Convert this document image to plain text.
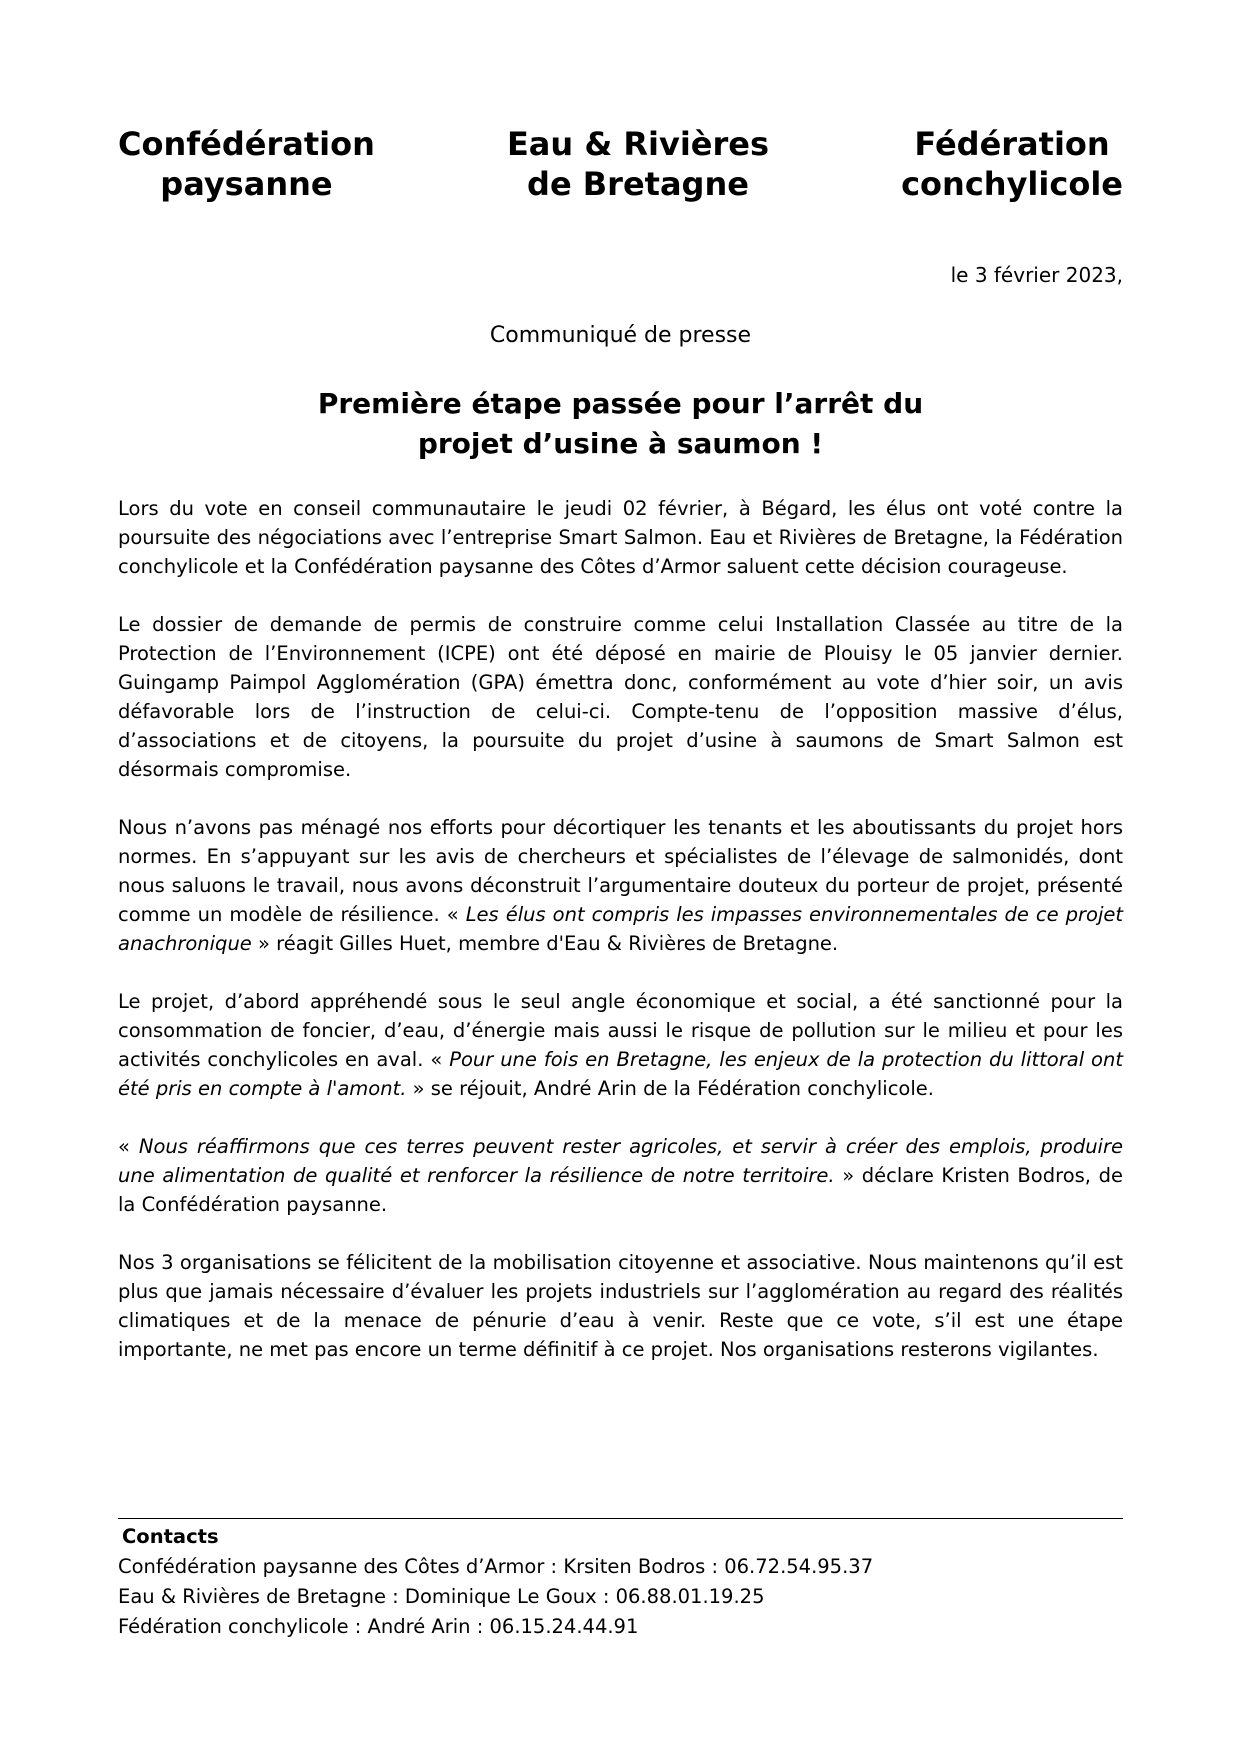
Confédération
paysanne
Eau & Rivières
de Bretagne
Fédération
conchylicole
le 3 février 2023,
Communiqué de presse
Première étape passée pour l’arrêt du
projet d’usine à saumon !

Lors du vote en conseil communautaire le jeudi 02 février, à Bégard, les élus ont voté contre la poursuite des négociations avec l’entreprise Smart Salmon. Eau et Rivières de Bretagne, la Fédération conchylicole et la Confédération paysanne des Côtes d’Armor saluent cette décision courageuse.

Le dossier de demande de permis de construire comme celui Installation Classée au titre de la Protection de l’Environnement (ICPE) ont été déposé en mairie de Plouisy le 05 janvier dernier. Guingamp Paimpol Agglomération (GPA) émettra donc, conformément au vote d’hier soir, un avis défavorable lors de l’instruction de celui-ci. Compte-tenu de l’opposition massive d’élus, d’associations et de citoyens, la poursuite du projet d’usine à saumons de Smart Salmon est désormais compromise.

Nous n’avons pas ménagé nos efforts pour décortiquer les tenants et les aboutissants du projet hors normes. En s’appuyant sur les avis de chercheurs et spécialistes de l’élevage de salmonidés, dont nous saluons le travail, nous avons déconstruit l’argumentaire douteux du porteur de projet, présenté comme un modèle de résilience. « Les élus ont compris les impasses environnementales de ce projet anachronique » réagit Gilles Huet, membre d'Eau & Rivières de Bretagne.

Le projet, d’abord appréhendé sous le seul angle économique et social, a été sanctionné pour la consommation de foncier, d’eau, d’énergie mais aussi le risque de pollution sur le milieu et pour les activités conchylicoles en aval. « Pour une fois en Bretagne, les enjeux de la protection du littoral ont été pris en compte à l'amont. » se réjouit, André Arin de la Fédération conchylicole.

« Nous réaffirmons que ces terres peuvent rester agricoles, et servir à créer des emplois, produire une alimentation de qualité et renforcer la résilience de notre territoire. » déclare Kristen Bodros, de la Confédération paysanne.

Nos 3 organisations se félicitent de la mobilisation citoyenne et associative. Nous maintenons qu’il est plus que jamais nécessaire d’évaluer les projets industriels sur l’agglomération au regard des réalités climatiques et de la menace de pénurie d’eau à venir. Reste que ce vote, s’il est une étape importante, ne met pas encore un terme définitif à ce projet. Nos organisations resterons vigilantes.

Contacts
Confédération paysanne des Côtes d’Armor : Krsiten Bodros : 06.72.54.95.37
Eau & Rivières de Bretagne : Dominique Le Goux : 06.88.01.19.25
Fédération conchylicole : André Arin : 06.15.24.44.91
